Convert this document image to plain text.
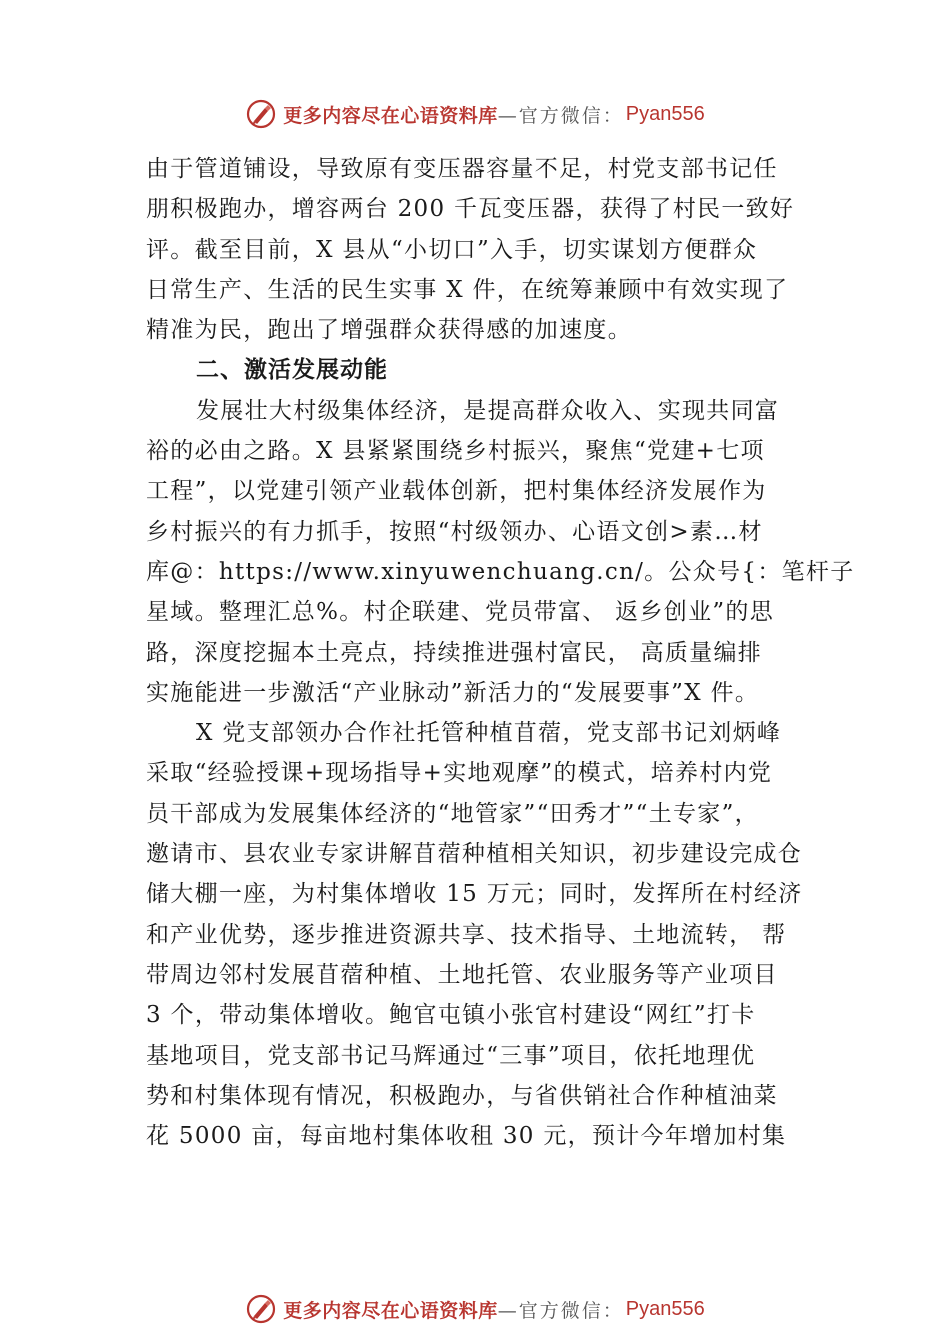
更多内容尽在心语资料库 —官方微信： Pyan556
由于管道铺设，导致原有变压器容量不足，村党支部书记任
朋积极跑办，增容两台 200 千瓦变压器，获得了村民一致好
评。截至目前，X 县从“小切口”入手，切实谋划方便群众
日常生产、生活的民生实事 X 件，在统筹兼顾中有效实现了
精准为民，跑出了增强群众获得感的加速度。
二、激活发展动能
发展壮大村级集体经济，是提高群众收入、实现共同富
裕的必由之路。X 县紧紧围绕乡村振兴，聚焦“党建+七项
工程”，以党建引领产业载体创新，把村集体经济发展作为
乡村振兴的有力抓手，按照“村级领办、心语文创>素…材
库@：https://www.xinyuwenchuang.cn/。公众号{：笔杆子
星域。整理汇总%。村企联建、党员带富、 返乡创业”的思
路，深度挖掘本土亮点，持续推进强村富民， 高质量编排
实施能进一步激活“产业脉动”新活力的“发展要事”X 件。
X 党支部领办合作社托管种植苜蓿，党支部书记刘炳峰
采取“经验授课+现场指导+实地观摩”的模式，培养村内党
员干部成为发展集体经济的“地管家”“田秀才”“土专家”，
邀请市、县农业专家讲解苜蓿种植相关知识，初步建设完成仓
储大棚一座，为村集体增收 15 万元；同时，发挥所在村经济
和产业优势，逐步推进资源共享、技术指导、土地流转， 帮
带周边邻村发展苜蓿种植、土地托管、农业服务等产业项目
3 个，带动集体增收。鲍官屯镇小张官村建设“网红”打卡
基地项目，党支部书记马辉通过“三事”项目，依托地理优
势和村集体现有情况，积极跑办，与省供销社合作种植油菜
花 5000 亩，每亩地村集体收租 30 元，预计今年增加村集
更多内容尽在心语资料库 —官方微信： Pyan556
